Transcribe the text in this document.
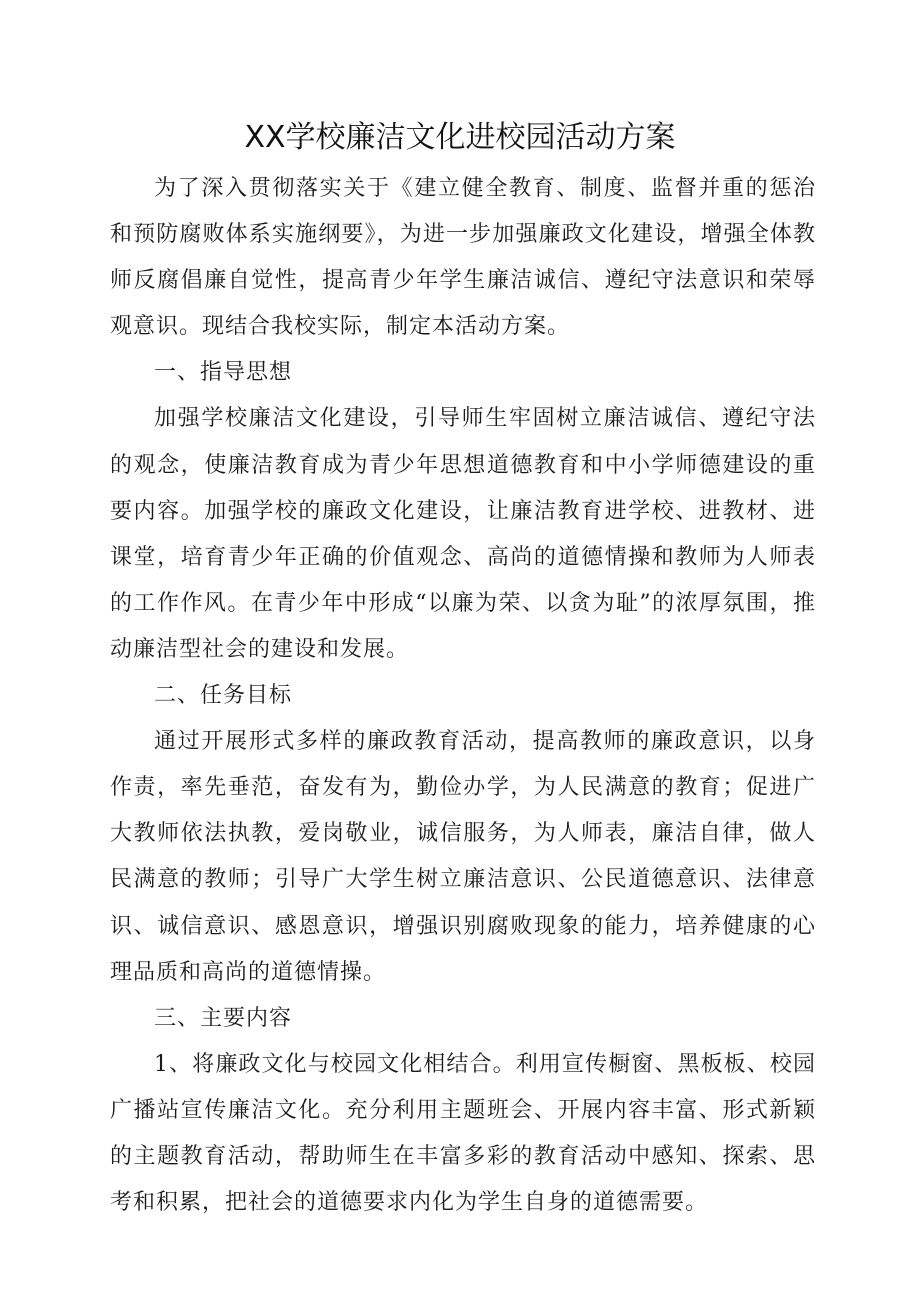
XX学校廉洁文化进校园活动方案

为了深入贯彻落实关于《建立健全教育、制度、监督并重的惩治和预防腐败体系实施纲要》，为进一步加强廉政文化建设，增强全体教师反腐倡廉自觉性，提高青少年学生廉洁诚信、遵纪守法意识和荣辱观意识。现结合我校实际，制定本活动方案。

一、指导思想

加强学校廉洁文化建设，引导师生牢固树立廉洁诚信、遵纪守法的观念，使廉洁教育成为青少年思想道德教育和中小学师德建设的重要内容。加强学校的廉政文化建设，让廉洁教育进学校、进教材、进课堂，培育青少年正确的价值观念、高尚的道德情操和教师为人师表的工作作风。在青少年中形成“以廉为荣、以贪为耻”的浓厚氛围，推动廉洁型社会的建设和发展。

二、任务目标

通过开展形式多样的廉政教育活动，提高教师的廉政意识，以身作责，率先垂范，奋发有为，勤俭办学，为人民满意的教育；促进广大教师依法执教，爱岗敬业，诚信服务，为人师表，廉洁自律，做人民满意的教师；引导广大学生树立廉洁意识、公民道德意识、法律意识、诚信意识、感恩意识，增强识别腐败现象的能力，培养健康的心理品质和高尚的道德情操。

三、主要内容

1、将廉政文化与校园文化相结合。利用宣传橱窗、黑板板、校园广播站宣传廉洁文化。充分利用主题班会、开展内容丰富、形式新颖的主题教育活动，帮助师生在丰富多彩的教育活动中感知、探索、思考和积累，把社会的道德要求内化为学生自身的道德需要。
